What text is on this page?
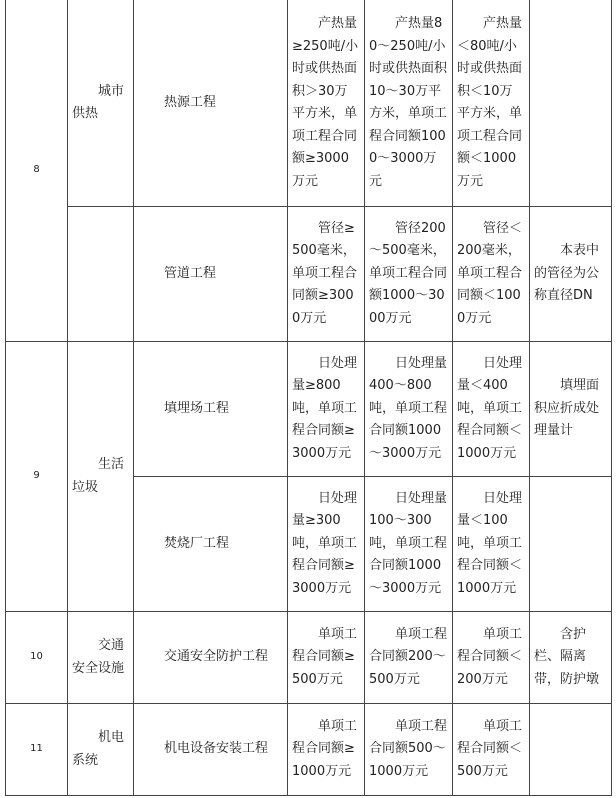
8	城市供热	热源工程	产热量≥250吨/小时或供热面积＞30万平方米，单项工程合同额≥3000万元	产热量80～250吨/小时或供热面积10～30万平方米，单项工程合同额1000～3000万元	产热量＜80吨/小时或供热面积＜10万平方米，单项工程合同额＜1000万元	
		管道工程	管径≥500毫米，单项工程合同额≥3000万元	管径200～500毫米，单项工程合同额1000～3000万元	管径＜200毫米，单项工程合同额＜1000万元	本表中的管径为公称直径DN
9	生活垃圾	填埋场工程	日处理量≥800吨，单项工程合同额≥3000万元	日处理量400～800吨，单项工程合同额1000～3000万元	日处理量＜400吨，单项工程合同额＜1000万元	填埋面积应折成处理量计
		焚烧厂工程	日处理量≥300吨，单项工程合同额≥3000万元	日处理量100～300吨，单项工程合同额1000～3000万元	日处理量＜100吨，单项工程合同额＜1000万元	
10	交通安全设施	交通安全防护工程	单项工程合同额≥500万元	单项工程合同额200～500万元	单项工程合同额＜200万元	含护栏、隔离带，防护墩
11	机电系统	机电设备安装工程	单项工程合同额≥1000万元	单项工程合同额500～1000万元	单项工程合同额＜500万元	
